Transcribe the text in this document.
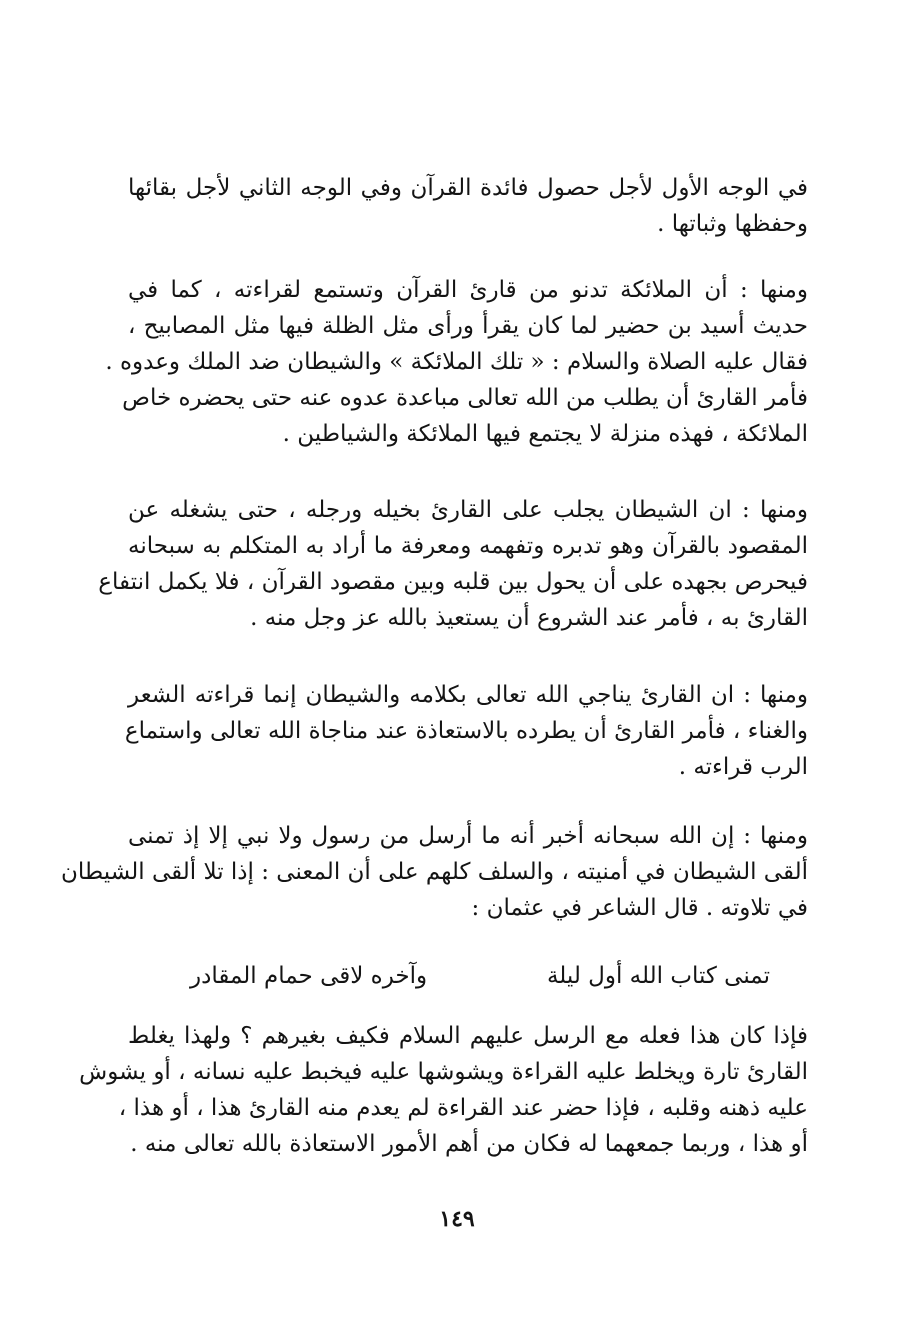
في الوجه الأول لأجل حصول فائدة القرآن وفي الوجه الثاني لأجل بقائها
وحفظها وثباتها .
ومنها : أن الملائكة تدنو من قارئ القرآن وتستمع لقراءته ، كما في
حديث أسيد بن حضير لما كان يقرأ ورأى مثل الظلة فيها مثل المصابيح ،
فقال عليه الصلاة والسلام : « تلك الملائكة » والشيطان ضد الملك وعدوه .
فأمر القارئ أن يطلب من الله تعالى مباعدة عدوه عنه حتى يحضره خاص
الملائكة ، فهذه منزلة لا يجتمع فيها الملائكة والشياطين .
ومنها : ان الشيطان يجلب على القارئ بخيله ورجله ، حتى يشغله عن
المقصود بالقرآن وهو تدبره وتفهمه ومعرفة ما أراد به المتكلم به سبحانه
فيحرص بجهده على أن يحول بين قلبه وبين مقصود القرآن ، فلا يكمل انتفاع
القارئ به ، فأمر عند الشروع أن يستعيذ بالله عز وجل منه .
ومنها : ان القارئ يناجي الله تعالى بكلامه والشيطان إنما قراءته الشعر
والغناء ، فأمر القارئ أن يطرده بالاستعاذة عند مناجاة الله تعالى واستماع
الرب قراءته .
ومنها : إن الله سبحانه أخبر أنه ما أرسل من رسول ولا نبي إلا إذ تمنى
ألقى الشيطان في أمنيته ، والسلف كلهم على أن المعنى : إذا تلا ألقى الشيطان
في تلاوته . قال الشاعر في عثمان :
تمنى كتاب الله أول ليلة
وآخره لاقى حمام المقادر
فإذا كان هذا فعله مع الرسل عليهم السلام فكيف بغيرهم ؟ ولهذا يغلط
القارئ تارة ويخلط عليه القراءة ويشوشها عليه فيخبط عليه نسانه ، أو يشوش
عليه ذهنه وقلبه ، فإذا حضر عند القراءة لم يعدم منه القارئ هذا ، أو هذا ،
أو هذا ، وربما جمعهما له فكان من أهم الأمور الاستعاذة بالله تعالى منه .
١٤٩
